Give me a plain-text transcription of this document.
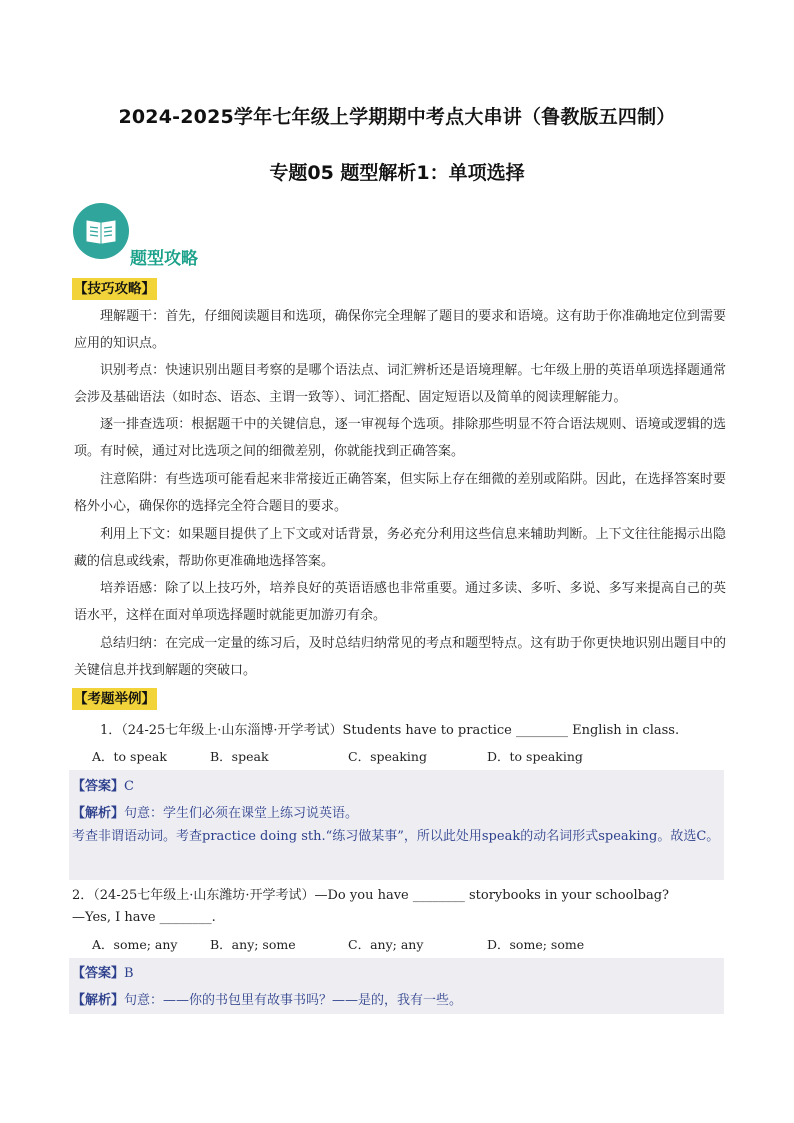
2024-2025学年七年级上学期期中考点大串讲（鲁教版五四制）
专题05 题型解析1：单项选择
题型攻略
【技巧攻略】
理解题干：首先，仔细阅读题目和选项，确保你完全理解了题目的要求和语境。这有助于你准确地定位到需要应用的知识点。
识别考点：快速识别出题目考察的是哪个语法点、词汇辨析还是语境理解。七年级上册的英语单项选择题通常会涉及基础语法（如时态、语态、主谓一致等）、词汇搭配、固定短语以及简单的阅读理解能力。
逐一排查选项：根据题干中的关键信息，逐一审视每个选项。排除那些明显不符合语法规则、语境或逻辑的选项。有时候，通过对比选项之间的细微差别，你就能找到正确答案。
注意陷阱：有些选项可能看起来非常接近正确答案，但实际上存在细微的差别或陷阱。因此，在选择答案时要格外小心，确保你的选择完全符合题目的要求。
利用上下文：如果题目提供了上下文或对话背景，务必充分利用这些信息来辅助判断。上下文往往能揭示出隐藏的信息或线索，帮助你更准确地选择答案。
培养语感：除了以上技巧外，培养良好的英语语感也非常重要。通过多读、多听、多说、多写来提高自己的英语水平，这样在面对单项选择题时就能更加游刃有余。
总结归纳：在完成一定量的练习后，及时总结归纳常见的考点和题型特点。这有助于你更快地识别出题目中的关键信息并找到解题的突破口。
【考题举例】
1．（24-25七年级上·山东淄博·开学考试）Students have to practice ________ English in class.
A．to speak	B．speak	C．speaking	D．to speaking
【答案】C
【解析】句意：学生们必须在课堂上练习说英语。
考查非谓语动词。考查practice doing sth.“练习做某事”，所以此处用speak的动名词形式speaking。故选C。
2．（24-25七年级上·山东潍坊·开学考试）—Do you have ________ storybooks in your schoolbag?
—Yes, I have ________.
A．some; any	B．any; some	C．any; any	D．some; some
【答案】B
【解析】句意：——你的书包里有故事书吗？——是的，我有一些。
